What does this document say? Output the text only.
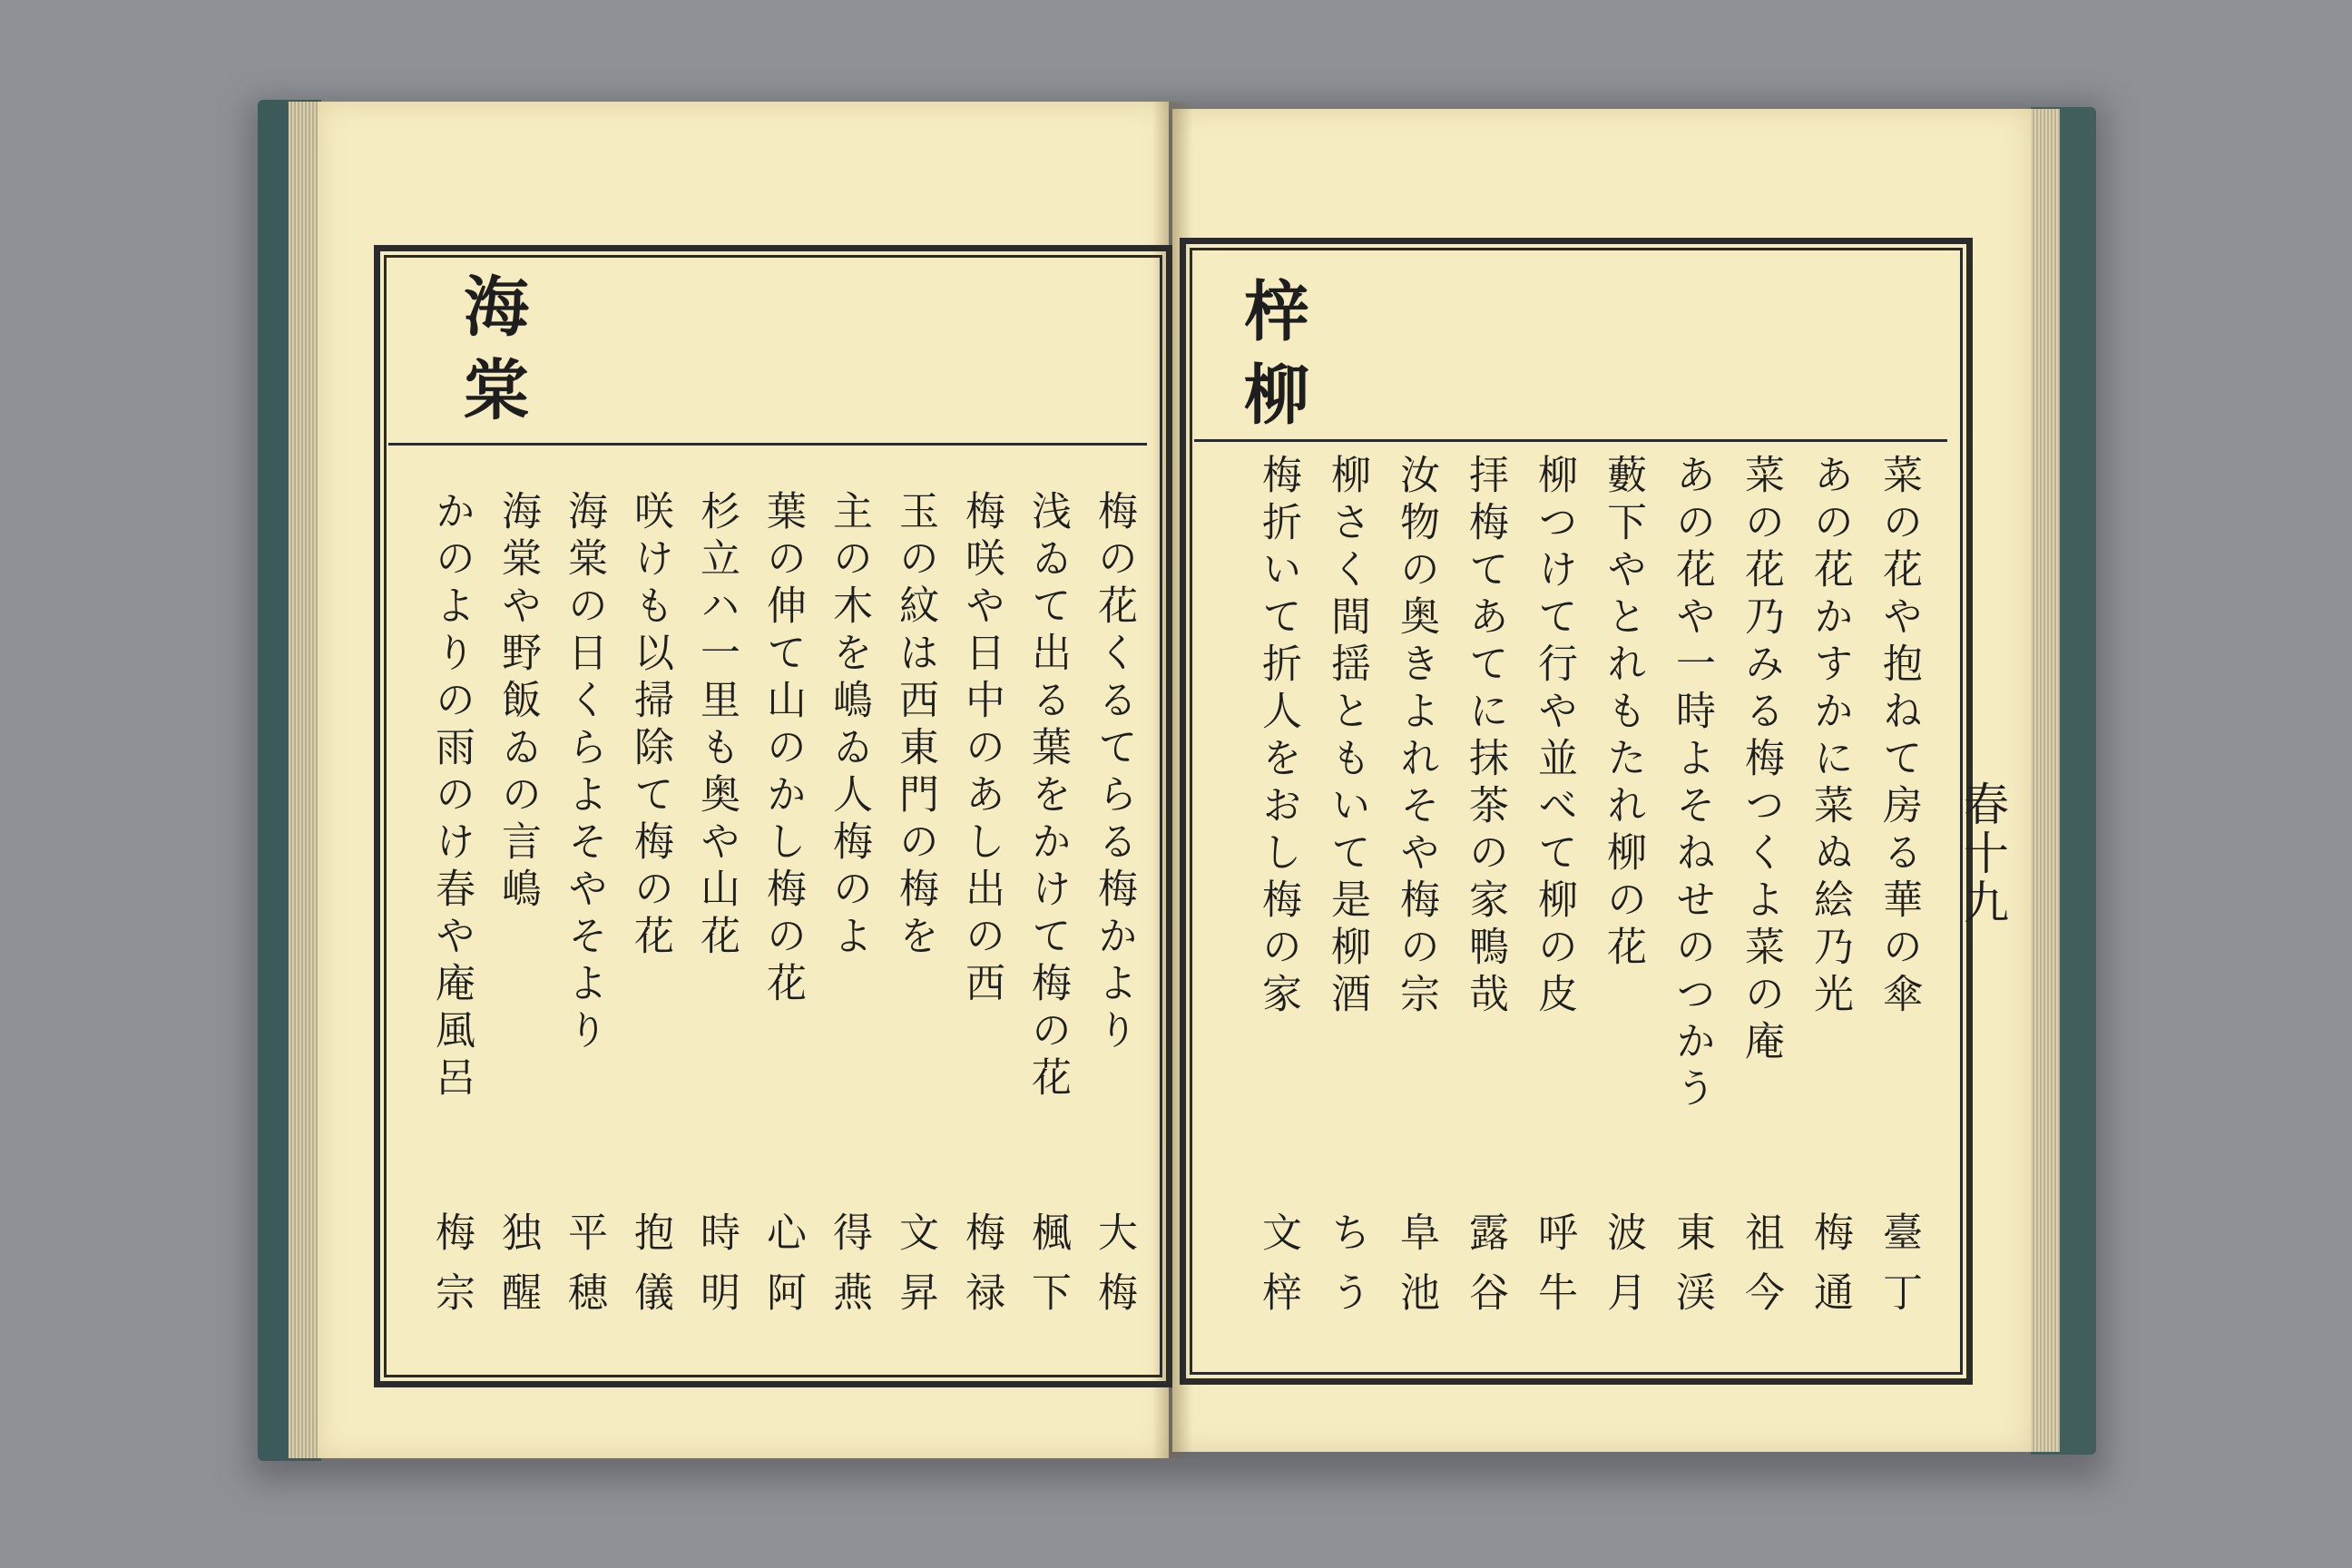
海棠
梅の花くるてらる梅かより
浅ゐて出る葉をかけて梅の花
梅咲や日中のあし出の西
玉の紋は西東門の梅を
主の木を嶋ゐ人梅のよ
葉の伸て山のかし梅の花
杉立ハ一里も奥や山花
咲けも以掃除て梅の花
海棠の日くらよそやそより
海棠や野飯ゐの言嶋
かのよりの雨のけ春や庵風呂
大梅
楓下
梅禄
文昇
得燕
心阿
時明
抱儀
平穂
独醒
梅宗
梓柳
菜の花や抱ねて房る華の傘
あの花かすかに菜ぬ絵乃光
菜の花乃みる梅つくよ菜の庵
あの花や一時よそねせのつかう
藪下やとれもたれ柳の花
柳つけて行や並べて柳の皮
拝梅てあてに抹茶の家鴨哉
汝物の奥きよれそや梅の宗
柳さく間揺ともいて是柳酒
梅折いて折人をおし梅の家
臺丁
梅通
祖今
東渓
波月
呼牛
露谷
阜池
ちう
文梓
春十九
